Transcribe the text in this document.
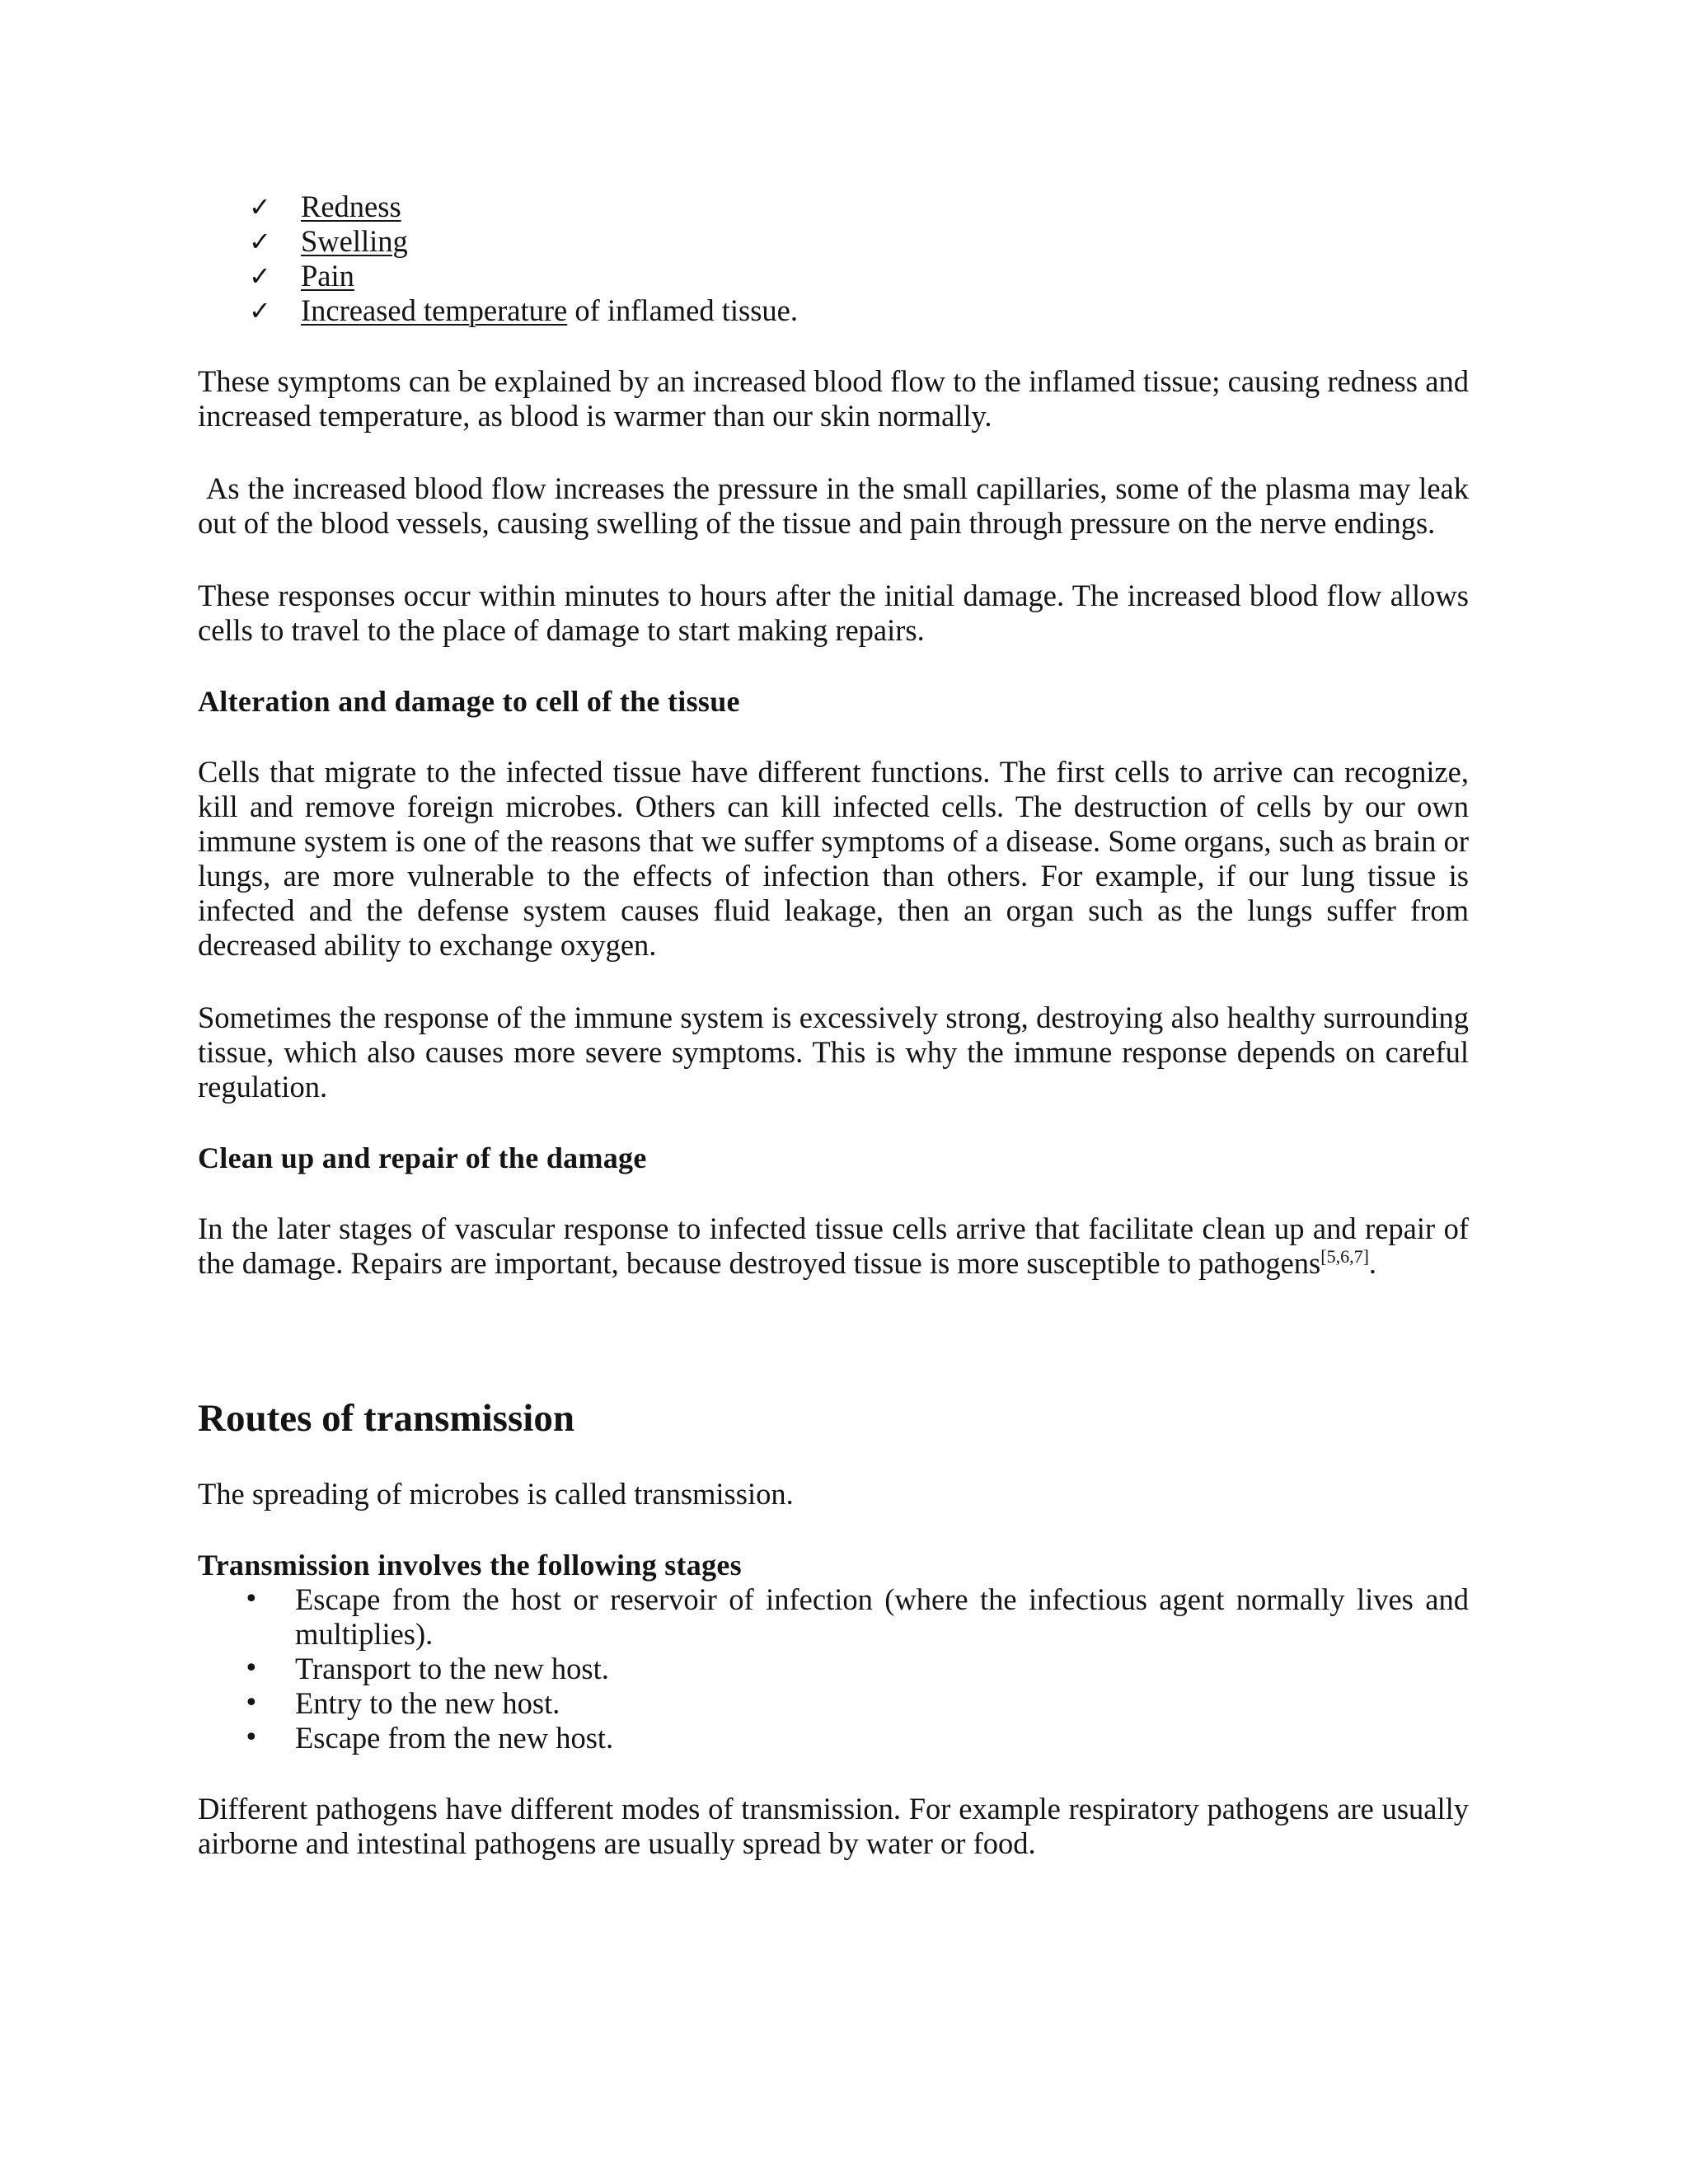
✓ Redness
✓ Swelling
✓ Pain
✓ Increased temperature of inflamed tissue.

These symptoms can be explained by an increased blood flow to the inflamed tissue; causing redness and increased temperature, as blood is warmer than our skin normally.

As the increased blood flow increases the pressure in the small capillaries, some of the plasma may leak out of the blood vessels, causing swelling of the tissue and pain through pressure on the nerve endings.

These responses occur within minutes to hours after the initial damage. The increased blood flow allows cells to travel to the place of damage to start making repairs.

Alteration and damage to cell of the tissue

Cells that migrate to the infected tissue have different functions. The first cells to arrive can recognize, kill and remove foreign microbes. Others can kill infected cells. The destruction of cells by our own immune system is one of the reasons that we suffer symptoms of a disease. Some organs, such as brain or lungs, are more vulnerable to the effects of infection than others. For example, if our lung tissue is infected and the defense system causes fluid leakage, then an organ such as the lungs suffer from decreased ability to exchange oxygen.

Sometimes the response of the immune system is excessively strong, destroying also healthy surrounding tissue, which also causes more severe symptoms. This is why the immune response depends on careful regulation.

Clean up and repair of the damage

In the later stages of vascular response to infected tissue cells arrive that facilitate clean up and repair of the damage. Repairs are important, because destroyed tissue is more susceptible to pathogens[5,6,7].

Routes of transmission

The spreading of microbes is called transmission.

Transmission involves the following stages
• Escape from the host or reservoir of infection (where the infectious agent normally lives and multiplies).
• Transport to the new host.
• Entry to the new host.
• Escape from the new host.

Different pathogens have different modes of transmission. For example respiratory pathogens are usually airborne and intestinal pathogens are usually spread by water or food.
